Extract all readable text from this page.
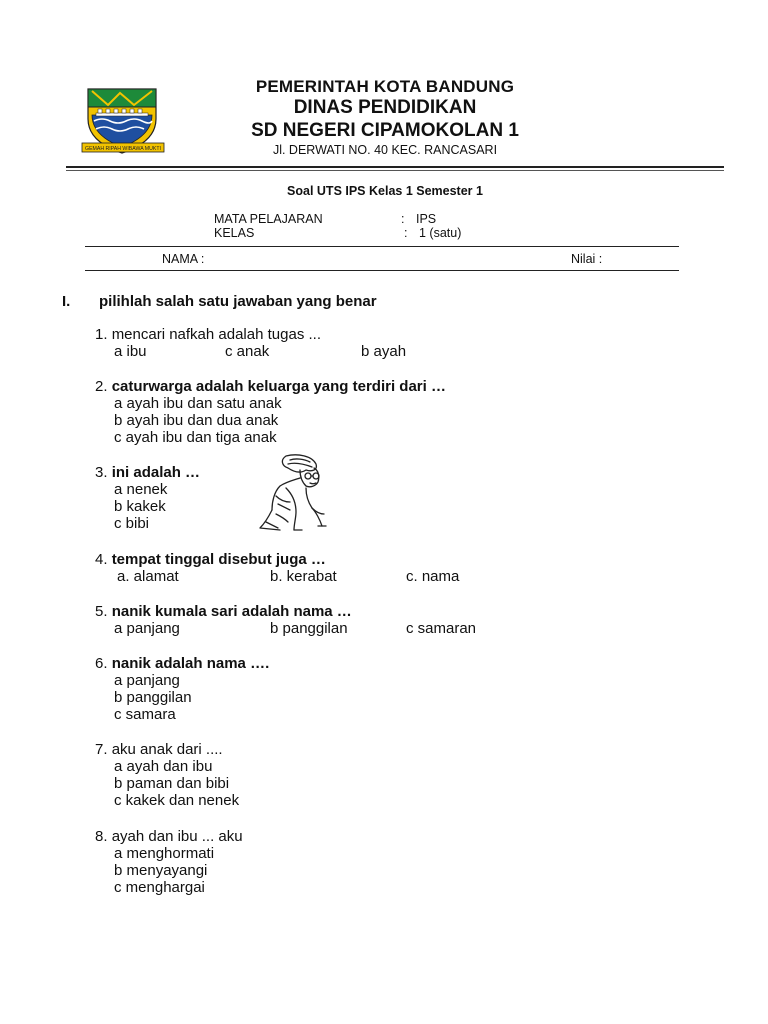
GEMAH RIPAH WIBAWA MUKTI
PEMERINTAH KOTA BANDUNG
DINAS PENDIDIKAN
SD NEGERI CIPAMOKOLAN 1
Jl. DERWATI NO. 40 KEC. RANCASARI
Soal UTS IPS Kelas 1 Semester 1
MATA PELAJARAN	: IPS
KELAS	: 1 (satu)
NAMA :	Nilai :
I. pilihlah salah satu jawaban yang benar
1. mencari nafkah adalah tugas ...
a ibu	c anak	b ayah
2. caturwarga adalah keluarga yang terdiri dari …
a ayah ibu dan satu anak
b ayah ibu dan dua anak
c ayah ibu dan tiga anak
3. ini adalah …
a nenek
b kakek
c bibi
4. tempat tinggal disebut juga …
a. alamat	b. kerabat	c. nama
5. nanik kumala sari adalah nama …
a panjang	b panggilan	c samaran
6. nanik adalah nama ….
a panjang
b panggilan
c samara
7. aku anak dari ....
a ayah dan ibu
b paman dan bibi
c kakek dan nenek
8. ayah dan ibu ... aku
a menghormati
b menyayangi
c menghargai
